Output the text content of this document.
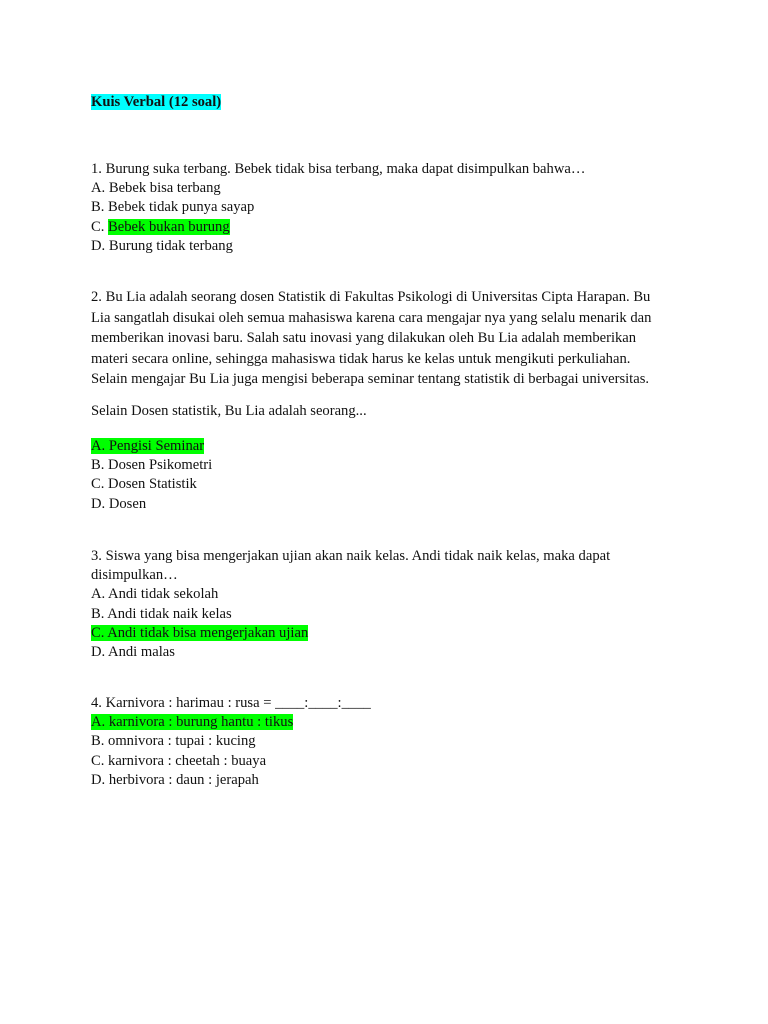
Kuis Verbal (12 soal)
1. Burung suka terbang. Bebek tidak bisa terbang, maka dapat disimpulkan bahwa…
A. Bebek bisa terbang
B. Bebek tidak punya sayap
C. Bebek bukan burung
D. Burung tidak terbang
2. Bu Lia adalah seorang dosen Statistik di Fakultas Psikologi di Universitas Cipta Harapan. Bu
Lia sangatlah disukai oleh semua mahasiswa karena cara mengajar nya yang selalu menarik dan
memberikan inovasi baru. Salah satu inovasi yang dilakukan oleh Bu Lia adalah memberikan
materi secara online, sehingga mahasiswa tidak harus ke kelas untuk mengikuti perkuliahan.
Selain mengajar Bu Lia juga mengisi beberapa seminar tentang statistik di berbagai universitas.
Selain Dosen statistik, Bu Lia adalah seorang...
A. Pengisi Seminar
B. Dosen Psikometri
C. Dosen Statistik
D. Dosen
3. Siswa yang bisa mengerjakan ujian akan naik kelas. Andi tidak naik kelas, maka dapat
disimpulkan…
A. Andi tidak sekolah
B. Andi tidak naik kelas
C. Andi tidak bisa mengerjakan ujian
D. Andi malas
4. Karnivora : harimau : rusa = ____:____:____
A. karnivora : burung hantu : tikus
B. omnivora : tupai : kucing
C. karnivora : cheetah : buaya
D. herbivora : daun : jerapah
